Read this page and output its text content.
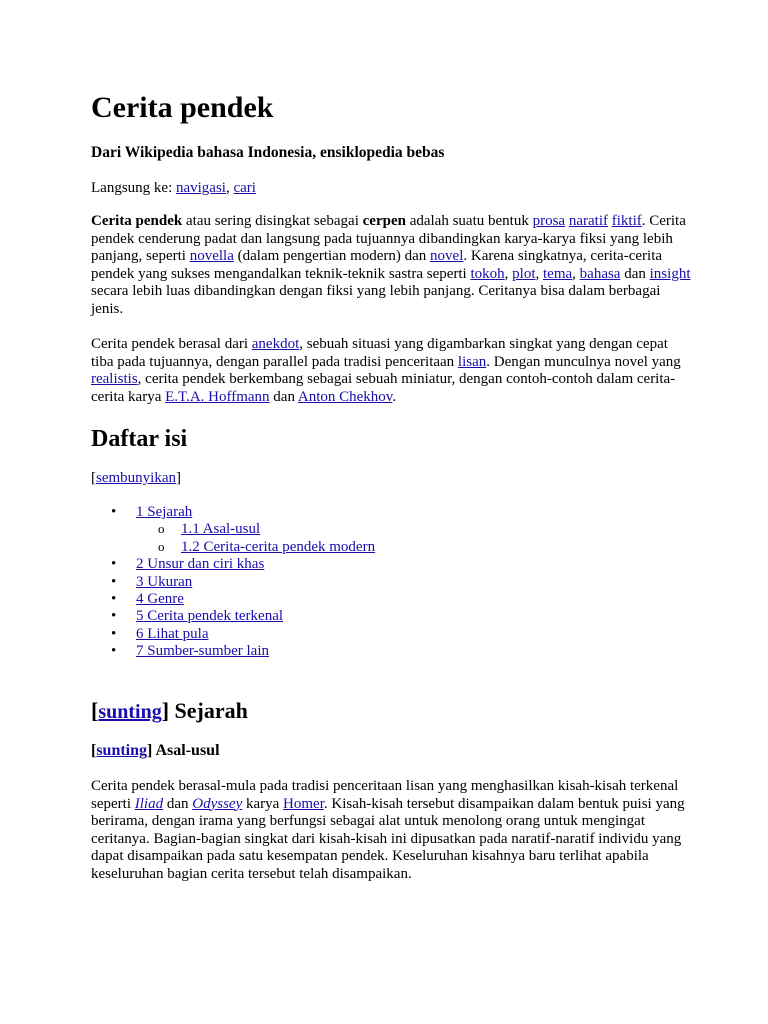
Cerita pendek
Dari Wikipedia bahasa Indonesia, ensiklopedia bebas
Langsung ke: navigasi, cari

Cerita pendek atau sering disingkat sebagai cerpen adalah suatu bentuk prosa naratif fiktif. Cerita pendek cenderung padat dan langsung pada tujuannya dibandingkan karya-karya fiksi yang lebih panjang, seperti novella (dalam pengertian modern) dan novel. Karena singkatnya, cerita-cerita pendek yang sukses mengandalkan teknik-teknik sastra seperti tokoh, plot, tema, bahasa dan insight secara lebih luas dibandingkan dengan fiksi yang lebih panjang. Ceritanya bisa dalam berbagai jenis.

Cerita pendek berasal dari anekdot, sebuah situasi yang digambarkan singkat yang dengan cepat tiba pada tujuannya, dengan parallel pada tradisi penceritaan lisan. Dengan munculnya novel yang realistis, cerita pendek berkembang sebagai sebuah miniatur, dengan contoh-contoh dalam cerita-cerita karya E.T.A. Hoffmann dan Anton Chekhov.

Daftar isi
[sembunyikan]
• 1 Sejarah
o 1.1 Asal-usul
o 1.2 Cerita-cerita pendek modern
• 2 Unsur dan ciri khas
• 3 Ukuran
• 4 Genre
• 5 Cerita pendek terkenal
• 6 Lihat pula
• 7 Sumber-sumber lain
[sunting] Sejarah
[sunting] Asal-usul

Cerita pendek berasal-mula pada tradisi penceritaan lisan yang menghasilkan kisah-kisah terkenal seperti Iliad dan Odyssey karya Homer. Kisah-kisah tersebut disampaikan dalam bentuk puisi yang berirama, dengan irama yang berfungsi sebagai alat untuk menolong orang untuk mengingat ceritanya. Bagian-bagian singkat dari kisah-kisah ini dipusatkan pada naratif-naratif individu yang dapat disampaikan pada satu kesempatan pendek. Keseluruhan kisahnya baru terlihat apabila keseluruhan bagian cerita tersebut telah disampaikan.
